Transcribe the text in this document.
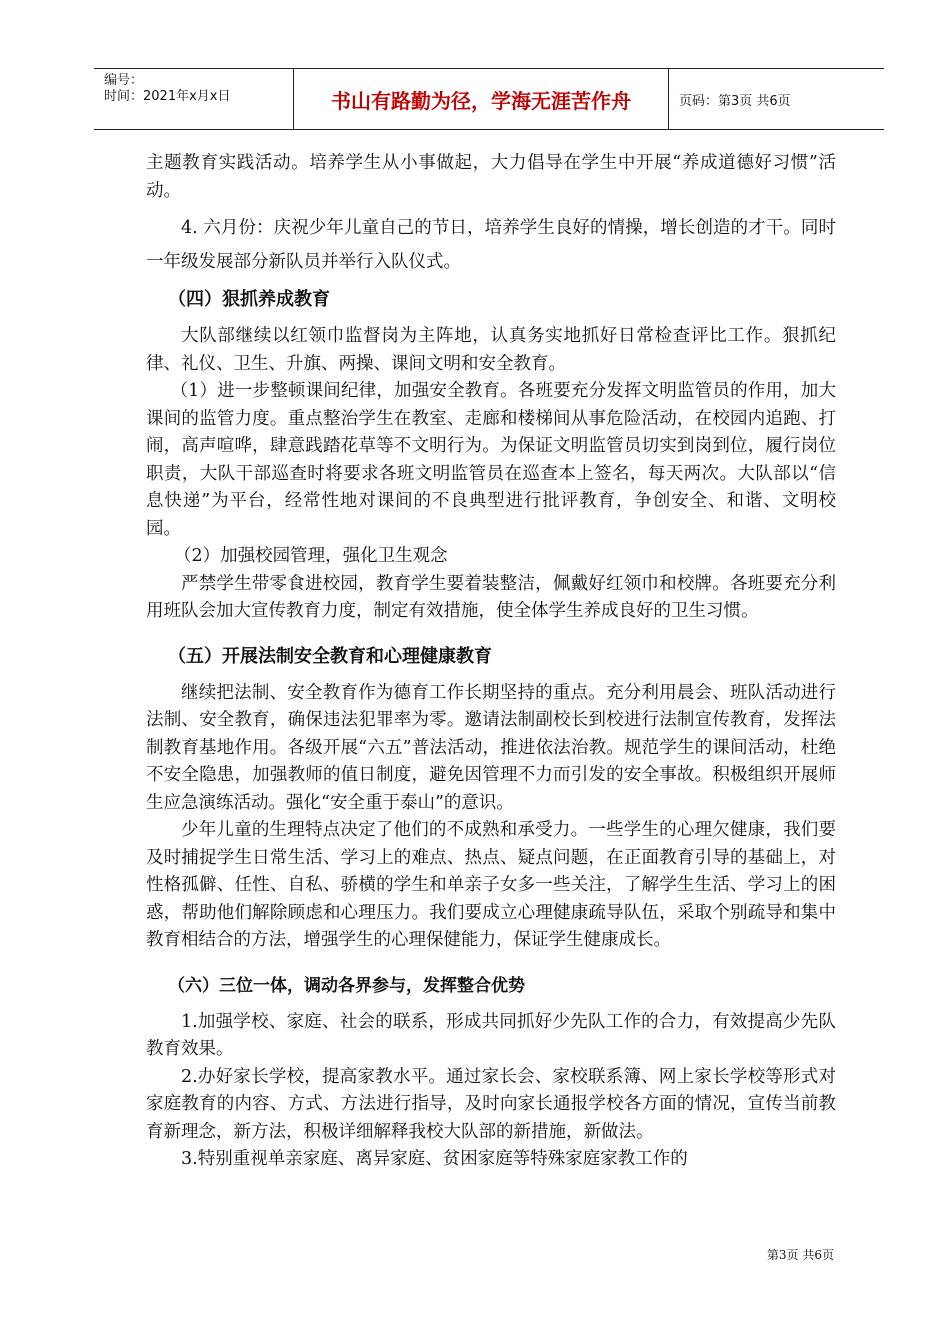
编号：
时间：2021年x月x日	书山有路勤为径，学海无涯苦作舟	页码：第3页 共6页

主题教育实践活动。培养学生从小事做起，大力倡导在学生中开展“养成道德好习惯”活动。

4. 六月份：庆祝少年儿童自己的节日，培养学生良好的情操，增长创造的才干。同时一年级发展部分新队员并举行入队仪式。

（四）狠抓养成教育

大队部继续以红领巾监督岗为主阵地，认真务实地抓好日常检查评比工作。狠抓纪律、礼仪、卫生、升旗、两操、课间文明和安全教育。

（1）进一步整顿课间纪律，加强安全教育。各班要充分发挥文明监管员的作用，加大课间的监管力度。重点整治学生在教室、走廊和楼梯间从事危险活动，在校园内追跑、打闹，高声喧哗，肆意践踏花草等不文明行为。为保证文明监管员切实到岗到位，履行岗位职责，大队干部巡查时将要求各班文明监管员在巡查本上签名，每天两次。大队部以“信息快递”为平台，经常性地对课间的不良典型进行批评教育，争创安全、和谐、文明校园。

（2）加强校园管理，强化卫生观念

严禁学生带零食进校园，教育学生要着装整洁，佩戴好红领巾和校牌。各班要充分利用班队会加大宣传教育力度，制定有效措施，使全体学生养成良好的卫生习惯。

（五）开展法制安全教育和心理健康教育

继续把法制、安全教育作为德育工作长期坚持的重点。充分利用晨会、班队活动进行法制、安全教育，确保违法犯罪率为零。邀请法制副校长到校进行法制宣传教育，发挥法制教育基地作用。各级开展“六五”普法活动，推进依法治教。规范学生的课间活动，杜绝不安全隐患，加强教师的值日制度，避免因管理不力而引发的安全事故。积极组织开展师生应急演练活动。强化“安全重于泰山”的意识。

少年儿童的生理特点决定了他们的不成熟和承受力。一些学生的心理欠健康，我们要及时捕捉学生日常生活、学习上的难点、热点、疑点问题，在正面教育引导的基础上，对性格孤僻、任性、自私、骄横的学生和单亲子女多一些关注，了解学生生活、学习上的困惑，帮助他们解除顾虑和心理压力。我们要成立心理健康疏导队伍，采取个别疏导和集中教育相结合的方法，增强学生的心理保健能力，保证学生健康成长。

（六）三位一体，调动各界参与，发挥整合优势

1.加强学校、家庭、社会的联系，形成共同抓好少先队工作的合力，有效提高少先队教育效果。

2.办好家长学校，提高家教水平。通过家长会、家校联系簿、网上家长学校等形式对家庭教育的内容、方式、方法进行指导，及时向家长通报学校各方面的情况，宣传当前教育新理念，新方法，积极详细解释我校大队部的新措施，新做法。

3.特别重视单亲家庭、离异家庭、贫困家庭等特殊家庭家教工作的

第3页 共6页
